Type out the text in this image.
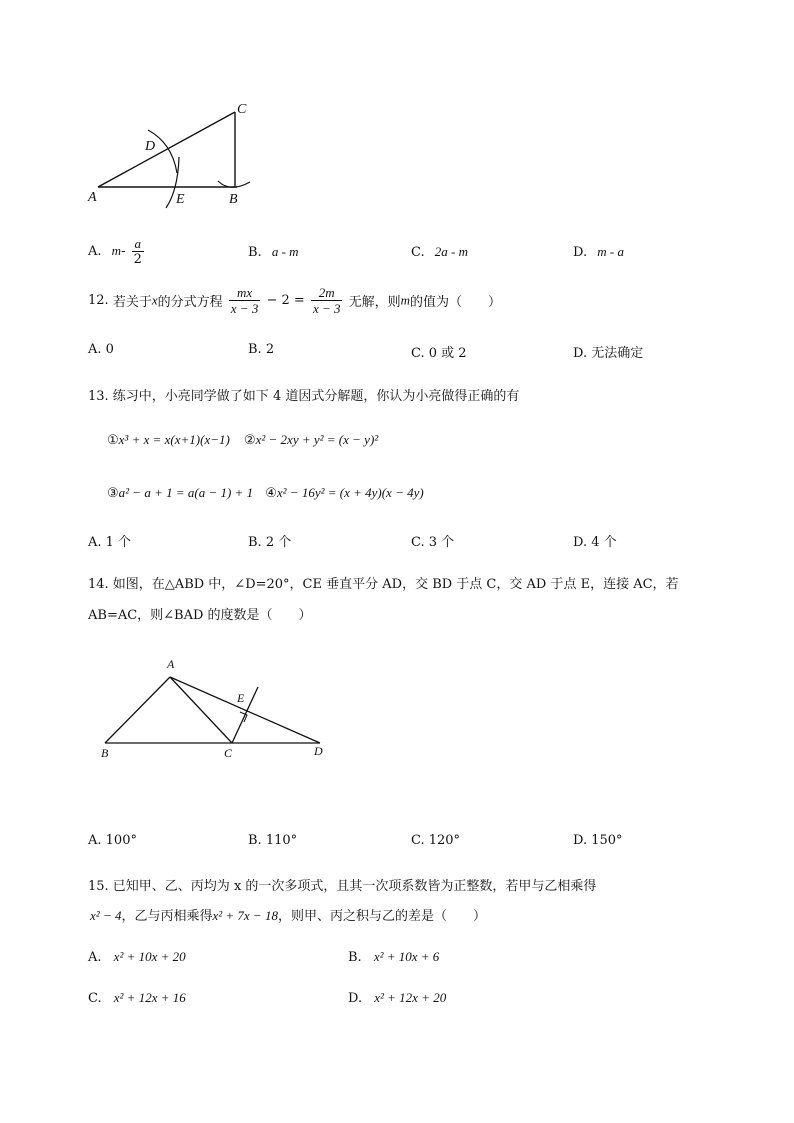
C
D
A	E	B
A. $m- \frac{a}{2}$	B. a - m	C. 2a - m	D. m - a
12. 若关于x的分式方程 $\frac{mx}{x - 3} - 2 = \frac{2m}{x - 3}$ 无解，则m的值为（　　）
A. 0	B. 2	C. 0 或 2	D. 无法确定
13. 练习中，小亮同学做了如下 4 道因式分解题，你认为小亮做得正确的有
①x³ + x = x(x+1)(x−1) ②x² − 2xy + y² = (x − y)²
③a² − a + 1 = a(a − 1) + 1 ④x² − 16y² = (x + 4y)(x − 4y)
A. 1 个	B. 2 个	C. 3 个	D. 4 个
14. 如图，在△ABD 中，∠D=20°，CE 垂直平分 AD，交 BD 于点 C，交 AD 于点 E，连接 AC，若
AB=AC，则∠BAD 的度数是（　　）
A
E
B	C	D
A. 100°	B. 110°	C. 120°	D. 150°
15. 已知甲、乙、丙均为 x 的一次多项式，且其一次项系数皆为正整数，若甲与乙相乘得
x² − 4，乙与丙相乘得x² + 7x − 18，则甲、丙之积与乙的差是（　　）
A. x² + 10x + 20	B. x² + 10x + 6
C. x² + 12x + 16	D. x² + 12x + 20
